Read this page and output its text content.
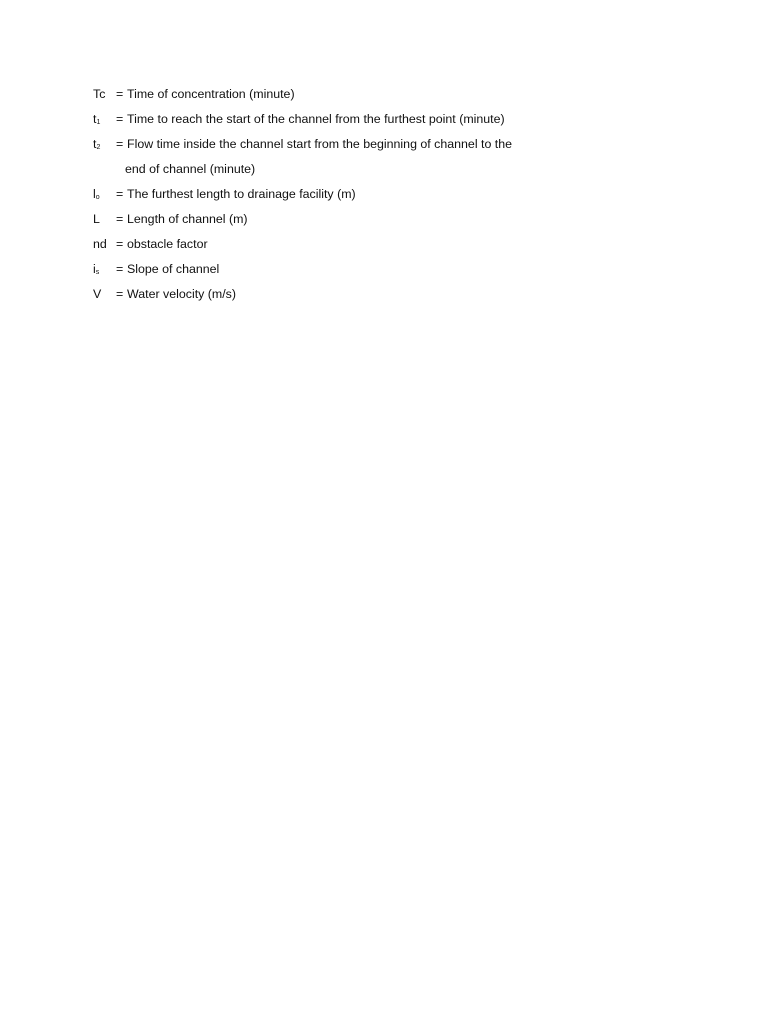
Tc = Time of concentration (minute)
$t_1$	= Time to reach the start of the channel from the furthest point (minute)
$t_2$	= Flow time inside the channel start from the beginning of channel to the
end of channel (minute)
$l_o$	= The furthest length to drainage facility (m)
L	= Length of channel (m)
nd = obstacle factor
$i_s$	= Slope of channel
V	= Water velocity (m/s)
